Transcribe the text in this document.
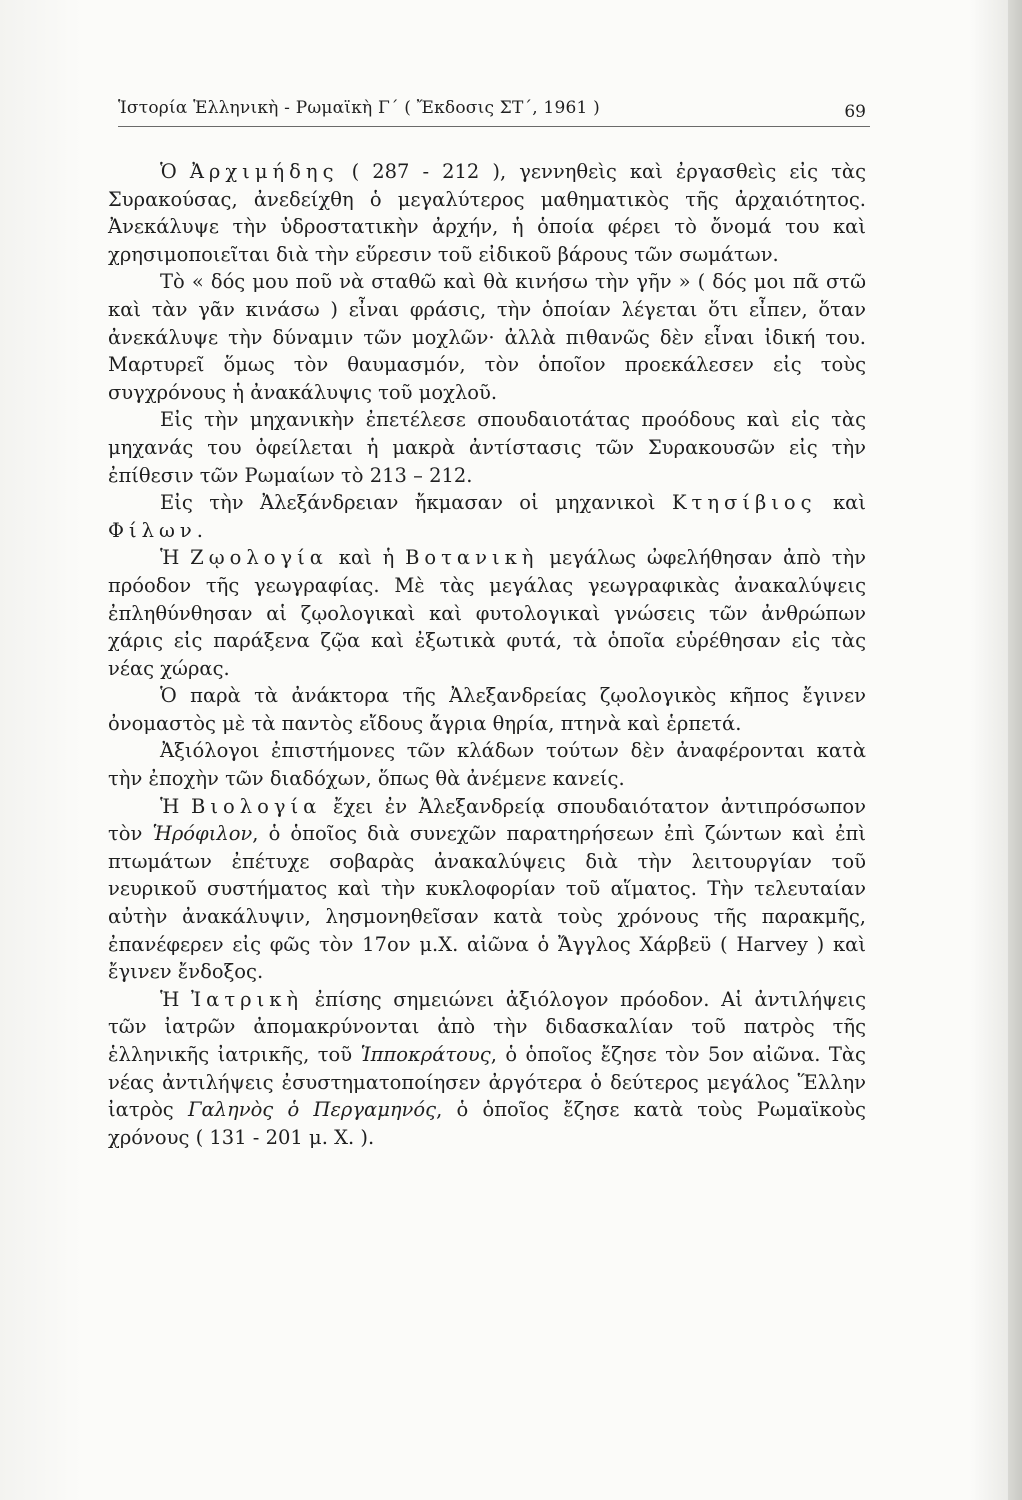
Ἱστορία Ἑλληνικὴ - Ρωμαϊκὴ Γ΄ ( Ἔκδοσις ΣΤ΄, 1961 )	69

Ὁ Ἀρχιμήδης ( 287 - 212 ), γεννηθεὶς καὶ ἐργασθεὶς εἰς τὰς Συρακούσας, ἀνεδείχθη ὁ μεγαλύτερος μαθηματικὸς τῆς ἀρχαιότητος. Ἀνεκάλυψε τὴν ὑδροστατικὴν ἀρχήν, ἡ ὁποία φέρει τὸ ὄνομά του καὶ χρησιμοποιεῖται διὰ τὴν εὕρεσιν τοῦ εἰδικοῦ βάρους τῶν σωμάτων.

Τὸ « δός μου ποῦ νὰ σταθῶ καὶ θὰ κινήσω τὴν γῆν » ( δός μοι πᾶ στῶ καὶ τὰν γᾶν κινάσω ) εἶναι φράσις, τὴν ὁποίαν λέγεται ὅτι εἶπεν, ὅταν ἀνεκάλυψε τὴν δύναμιν τῶν μοχλῶν· ἀλλὰ πιθανῶς δὲν εἶναι ἰδική του. Μαρτυρεῖ ὅμως τὸν θαυμασμόν, τὸν ὁποῖον προεκάλεσεν εἰς τοὺς συγχρόνους ἡ ἀνακάλυψις τοῦ μοχλοῦ.

Εἰς τὴν μηχανικὴν ἐπετέλεσε σπουδαιοτάτας προόδους καὶ εἰς τὰς μηχανάς του ὀφείλεται ἡ μακρὰ ἀντίστασις τῶν Συρακουσῶν εἰς τὴν ἐπίθεσιν τῶν Ρωμαίων τὸ 213 – 212.

Εἰς τὴν Ἀλεξάνδρειαν ἤκμασαν οἱ μηχανικοὶ Κτησίβιος καὶ Φίλων.

Ἡ Ζῳολογία καὶ ἡ Βοτανικὴ μεγάλως ὠφελήθησαν ἀπὸ τὴν πρόοδον τῆς γεωγραφίας. Μὲ τὰς μεγάλας γεωγραφικὰς ἀνακαλύψεις ἐπληθύνθησαν αἱ ζῳολογικαὶ καὶ φυτολογικαὶ γνώσεις τῶν ἀνθρώπων χάρις εἰς παράξενα ζῷα καὶ ἐξωτικὰ φυτά, τὰ ὁποῖα εὑρέθησαν εἰς τὰς νέας χώρας.

Ὁ παρὰ τὰ ἀνάκτορα τῆς Ἀλεξανδρείας ζῳολογικὸς κῆπος ἔγινεν ὀνομαστὸς μὲ τὰ παντὸς εἴδους ἄγρια θηρία, πτηνὰ καὶ ἑρπετά.

Ἀξιόλογοι ἐπιστήμονες τῶν κλάδων τούτων δὲν ἀναφέρονται κατὰ τὴν ἐποχὴν τῶν διαδόχων, ὅπως θὰ ἀνέμενε κανείς.

Ἡ Βιολογία ἔχει ἐν Ἀλεξανδρείᾳ σπουδαιότατον ἀντιπρόσωπον τὸν Ἡρόφιλον, ὁ ὁποῖος διὰ συνεχῶν παρατηρήσεων ἐπὶ ζώντων καὶ ἐπὶ πτωμάτων ἐπέτυχε σοβαρὰς ἀνακαλύψεις διὰ τὴν λειτουργίαν τοῦ νευρικοῦ συστήματος καὶ τὴν κυκλοφορίαν τοῦ αἵματος. Τὴν τελευταίαν αὐτὴν ἀνακάλυψιν, λησμονηθεῖσαν κατὰ τοὺς χρόνους τῆς παρακμῆς, ἐπανέφερεν εἰς φῶς τὸν 17ον μ.Χ. αἰῶνα ὁ Ἄγγλος Χάρβεϋ ( Harvey ) καὶ ἔγινεν ἔνδοξος.

Ἡ Ἰατρικὴ ἐπίσης σημειώνει ἀξιόλογον πρόοδον. Αἱ ἀντιλήψεις τῶν ἰατρῶν ἀπομακρύνονται ἀπὸ τὴν διδασκαλίαν τοῦ πατρὸς τῆς ἑλληνικῆς ἰατρικῆς, τοῦ Ἱπποκράτους, ὁ ὁποῖος ἔζησε τὸν 5ον αἰῶνα. Τὰς νέας ἀντιλήψεις ἐσυστηματοποίησεν ἀργότερα ὁ δεύτερος μεγάλος Ἕλλην ἰατρὸς Γαληνὸς ὁ Περγαμηνός, ὁ ὁποῖος ἔζησε κατὰ τοὺς Ρωμαϊκοὺς χρόνους ( 131 - 201 μ. Χ. ).
